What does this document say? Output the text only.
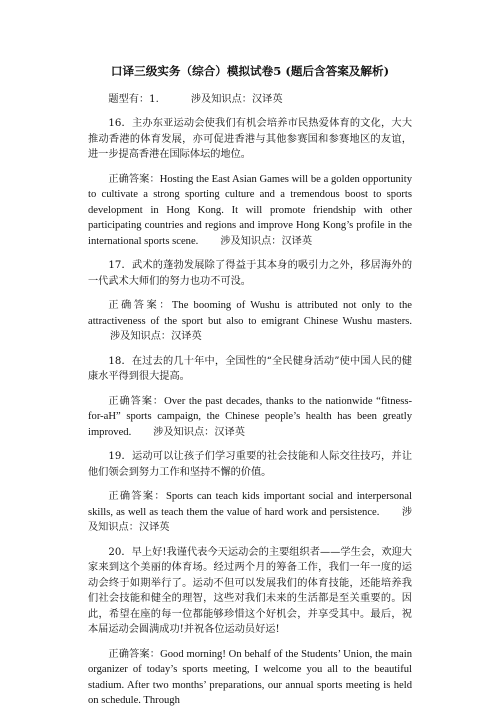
口译三级实务（综合）模拟试卷5 (题后含答案及解析)

题型有：1.	涉及知识点：汉译英

16．主办东亚运动会使我们有机会培养市民热爱体育的文化，大大推动香港的体育发展，亦可促进香港与其他参赛国和参赛地区的友谊，进一步提高香港在国际体坛的地位。

正确答案：Hosting the East Asian Games will be a golden opportunity to cultivate a strong sporting culture and a tremendous boost to sports development in Hong Kong. It will promote friendship with other participating countries and regions and improve Hong Kong’s profile in the international sports scene. 涉及知识点：汉译英

17．武术的蓬勃发展除了得益于其本身的吸引力之外，移居海外的一代武术大师们的努力也功不可没。

正确答案：The booming of Wushu is attributed not only to the attractiveness of the sport but also to emigrant Chinese Wushu masters.涉及知识点：汉译英

18．在过去的几十年中，全国性的“全民健身活动”使中国人民的健康水平得到很大提高。

正确答案：Over the past decades, thanks to the nationwide “fitness-for-aH” sports campaign, the Chinese people’s health has been greatly improved. 涉及知识点：汉译英

19．运动可以让孩子们学习重要的社会技能和人际交往技巧，并让他们领会到努力工作和坚持不懈的价值。

正确答案：Sports can teach kids important social and interpersonal skills, as well as teach them the value of hard work and persistence. 涉及知识点：汉译英

20．早上好!我谨代表今天运动会的主要组织者——学生会，欢迎大家来到这个美丽的体育场。经过两个月的筹备工作，我们一年一度的运动会终于如期举行了。运动不但可以发展我们的体育技能，还能培养我们社会技能和健全的理智，这些对我们未来的生活都是至关重要的。因此，希望在座的每一位都能够珍惜这个好机会，并享受其中。最后，祝本届运动会圆满成功!并祝各位运动员好运!

正确答案：Good morning! On behalf of the Students’ Union, the main organizer of today’s sports meeting, I welcome you all to the beautiful stadium. After two months’ preparations, our annual sports meeting is held on schedule. Through
